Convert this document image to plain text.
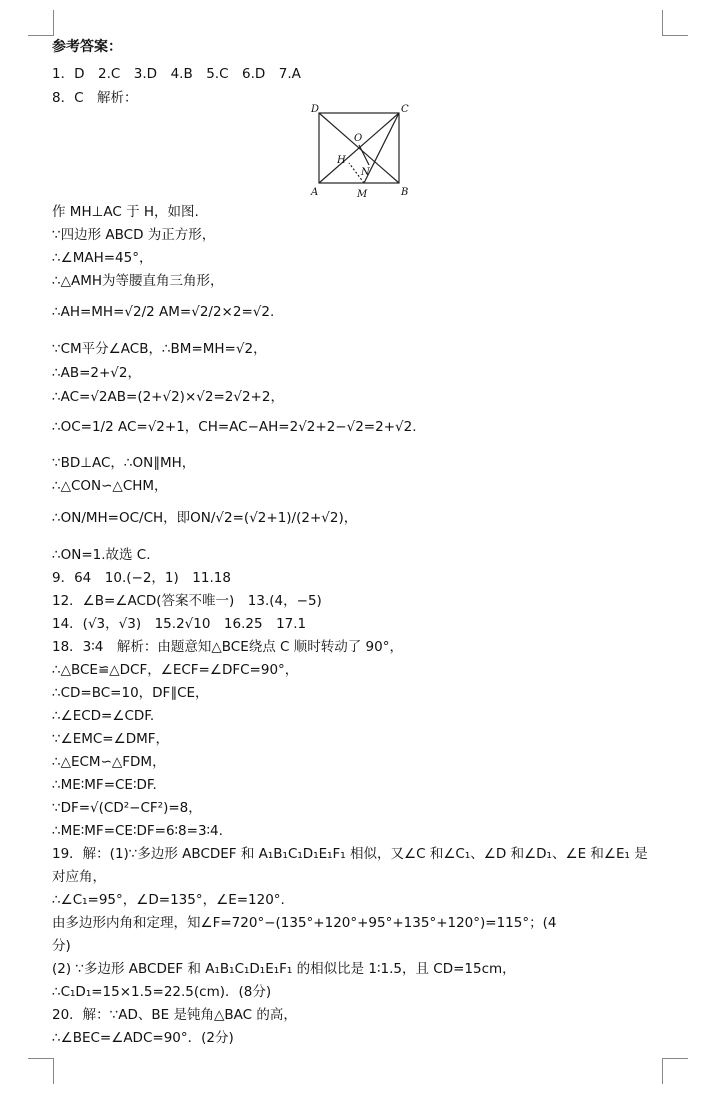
参考答案：
1．D　2.C　3.D　4.B　5.C　6.D　7.A
8．C　解析：
D	C
O
H
N
A	M	B
作 MH⊥AC 于 H，如图.
∵四边形 ABCD 为正方形，
∴∠MAH=45°，
∴△AMH为等腰直角三角形，
∴AH=MH=√2/2 AM=√2/2×2=√2.
∵CM平分∠ACB，∴BM=MH=√2，
∴AB=2+√2，
∴AC=√2AB=(2+√2)×√2=2√2+2，
∴OC=1/2 AC=√2+1，CH=AC−AH=2√2+2−√2=2+√2.
∵BD⊥AC，∴ON∥MH，
∴△CON∽△CHM，
∴ON/MH=OC/CH，即ON/√2=(√2+1)/(2+√2)，
∴ON=1.故选 C.
9．64　10.(−2，1)　11.18
12．∠B=∠ACD(答案不唯一)　13.(4，−5)
14．(√3，√3)　15.2√10　16.25　17.1
18．3∶4　解析：由题意知△BCE绕点 C 顺时转动了 90°，
∴△BCE≌△DCF，∠ECF=∠DFC=90°，
∴CD=BC=10，DF∥CE，
∴∠ECD=∠CDF.
∵∠EMC=∠DMF，
∴△ECM∽△FDM，
∴ME∶MF=CE∶DF.
∵DF=√(CD²−CF²)=8，
∴ME∶MF=CE∶DF=6∶8=3∶4.
19．解：(1)∵多边形 ABCDEF 和 A₁B₁C₁D₁E₁F₁ 相似，又∠C 和∠C₁、∠D 和∠D₁、∠E 和∠E₁ 是
对应角，
∴∠C₁=95°，∠D=135°，∠E=120°.
由多边形内角和定理，知∠F=720°−(135°+120°+95°+135°+120°)=115°；(4
分)
(2) ∵多边形 ABCDEF 和 A₁B₁C₁D₁E₁F₁ 的相似比是 1∶1.5，且 CD=15cm，
∴C₁D₁=15×1.5=22.5(cm)．(8分)
20．解：∵AD、BE 是钝角△BAC 的高，
∴∠BEC=∠ADC=90°．(2分)
